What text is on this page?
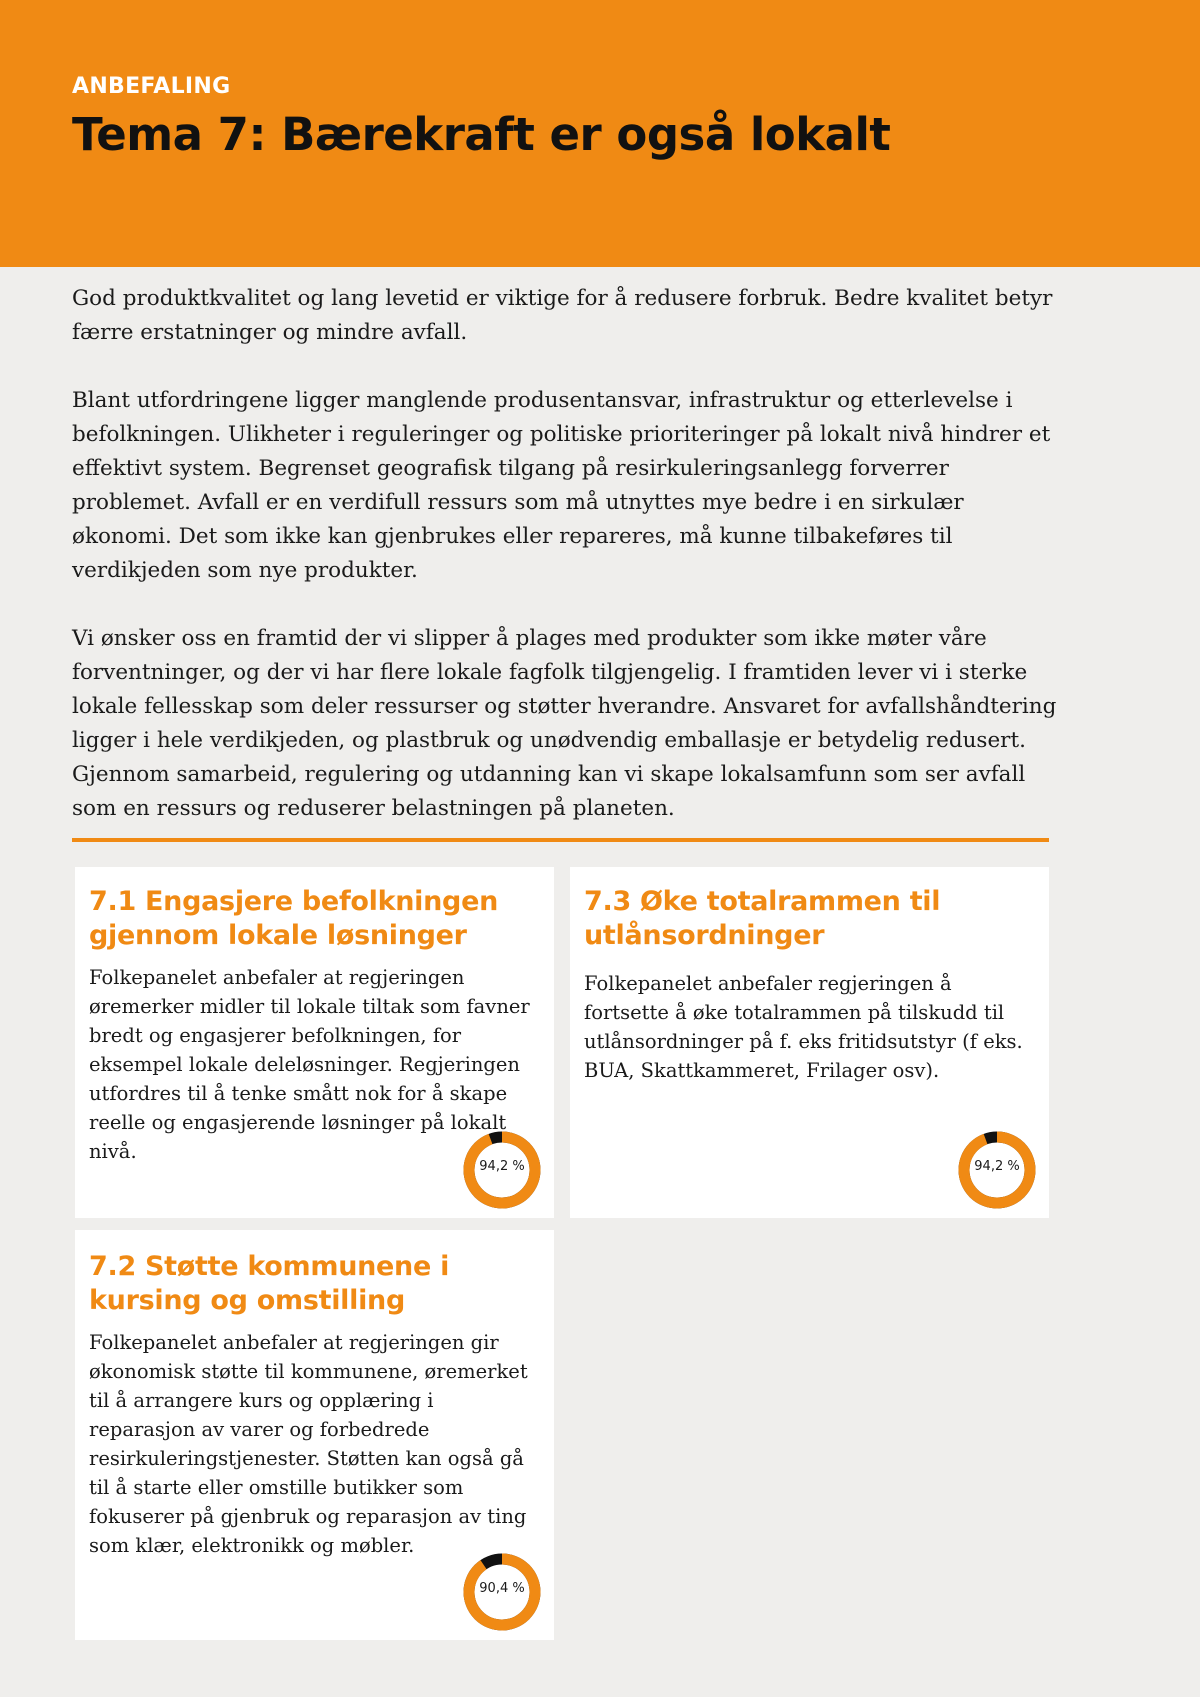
ANBEFALING
Tema 7: Bærekraft er også lokalt

God produktkvalitet og lang levetid er viktige for å redusere forbruk. Bedre kvalitet betyr færre erstatninger og mindre avfall.

Blant utfordringene ligger manglende produsentansvar, infrastruktur og etterlevelse i befolkningen. Ulikheter i reguleringer og politiske prioriteringer på lokalt nivå hindrer et effektivt system. Begrenset geografisk tilgang på resirkuleringsanlegg forverrer problemet. Avfall er en verdifull ressurs som må utnyttes mye bedre i en sirkulær økonomi. Det som ikke kan gjenbrukes eller repareres, må kunne tilbakeføres til verdikjeden som nye produkter.

Vi ønsker oss en framtid der vi slipper å plages med produkter som ikke møter våre forventninger, og der vi har flere lokale fagfolk tilgjengelig. I framtiden lever vi i sterke lokale fellesskap som deler ressurser og støtter hverandre. Ansvaret for avfallshåndtering ligger i hele verdikjeden, og plastbruk og unødvendig emballasje er betydelig redusert. Gjennom samarbeid, regulering og utdanning kan vi skape lokalsamfunn som ser avfall som en ressurs og reduserer belastningen på planeten.

7.1 Engasjere befolkningen gjennom lokale løsninger

Folkepanelet anbefaler at regjeringen øremerker midler til lokale tiltak som favner bredt og engasjerer befolkningen, for eksempel lokale deleløsninger. Regjeringen utfordres til å tenke smått nok for å skape reelle og engasjerende løsninger på lokalt nivå.

94,2 %
7.3 Øke totalrammen til utlånsordninger

Folkepanelet anbefaler regjeringen å fortsette å øke totalrammen på tilskudd til utlånsordninger på f. eks fritidsutstyr (f eks. BUA, Skattkammeret, Frilager osv).

94,2 %
7.2 Støtte kommunene i kursing og omstilling

Folkepanelet anbefaler at regjeringen gir økonomisk støtte til kommunene, øremerket til å arrangere kurs og opplæring i reparasjon av varer og forbedrede resirkuleringstjenester. Støtten kan også gå til å starte eller omstille butikker som fokuserer på gjenbruk og reparasjon av ting som klær, elektronikk og møbler.

90,4 %
